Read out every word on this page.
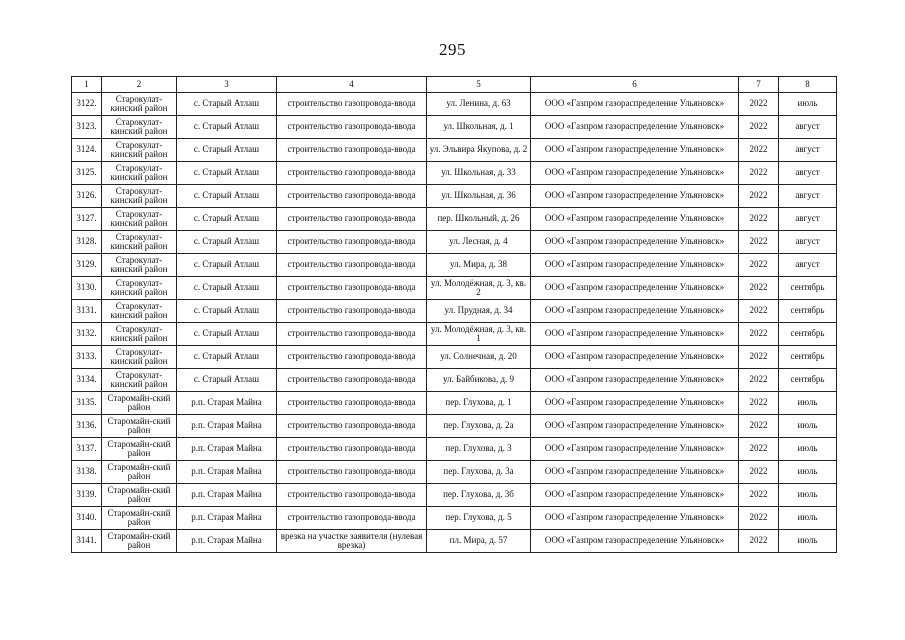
295
1	2	3	4	5	6	7	8
3122.	Старокулат-кинский район	с. Старый Атлаш	строительство газопровода-ввода	ул. Ленина, д. 63	ООО «Газпром газораспределение Ульяновск»	2022	июль
3123.	Старокулат-кинский район	с. Старый Атлаш	строительство газопровода-ввода	ул. Школьная, д. 1	ООО «Газпром газораспределение Ульяновск»	2022	август
3124.	Старокулат-кинский район	с. Старый Атлаш	строительство газопровода-ввода	ул. Эльвира Якупова, д. 2	ООО «Газпром газораспределение Ульяновск»	2022	август
3125.	Старокулат-кинский район	с. Старый Атлаш	строительство газопровода-ввода	ул. Школьная, д. 33	ООО «Газпром газораспределение Ульяновск»	2022	август
3126.	Старокулат-кинский район	с. Старый Атлаш	строительство газопровода-ввода	ул. Школьная, д. 36	ООО «Газпром газораспределение Ульяновск»	2022	август
3127.	Старокулат-кинский район	с. Старый Атлаш	строительство газопровода-ввода	пер. Школьный, д. 26	ООО «Газпром газораспределение Ульяновск»	2022	август
3128.	Старокулат-кинский район	с. Старый Атлаш	строительство газопровода-ввода	ул. Лесная, д. 4	ООО «Газпром газораспределение Ульяновск»	2022	август
3129.	Старокулат-кинский район	с. Старый Атлаш	строительство газопровода-ввода	ул. Мира, д. 38	ООО «Газпром газораспределение Ульяновск»	2022	август
3130.	Старокулат-кинский район	с. Старый Атлаш	строительство газопровода-ввода	ул. Молодёжная, д. 3, кв. 2	ООО «Газпром газораспределение Ульяновск»	2022	сентябрь
3131.	Старокулат-кинский район	с. Старый Атлаш	строительство газопровода-ввода	ул. Прудная, д. 34	ООО «Газпром газораспределение Ульяновск»	2022	сентябрь
3132.	Старокулат-кинский район	с. Старый Атлаш	строительство газопровода-ввода	ул. Молодёжная, д. 3, кв. 1	ООО «Газпром газораспределение Ульяновск»	2022	сентябрь
3133.	Старокулат-кинский район	с. Старый Атлаш	строительство газопровода-ввода	ул. Солнечная, д. 20	ООО «Газпром газораспределение Ульяновск»	2022	сентябрь
3134.	Старокулат-кинский район	с. Старый Атлаш	строительство газопровода-ввода	ул. Байбикова, д. 9	ООО «Газпром газораспределение Ульяновск»	2022	сентябрь
3135.	Старомайн-ский район	р.п. Старая Майна	строительство газопровода-ввода	пер. Глухова, д. 1	ООО «Газпром газораспределение Ульяновск»	2022	июль
3136.	Старомайн-ский район	р.п. Старая Майна	строительство газопровода-ввода	пер. Глухова, д. 2а	ООО «Газпром газораспределение Ульяновск»	2022	июль
3137.	Старомайн-ский район	р.п. Старая Майна	строительство газопровода-ввода	пер. Глухова, д. 3	ООО «Газпром газораспределение Ульяновск»	2022	июль
3138.	Старомайн-ский район	р.п. Старая Майна	строительство газопровода-ввода	пер. Глухова, д. 3а	ООО «Газпром газораспределение Ульяновск»	2022	июль
3139.	Старомайн-ский район	р.п. Старая Майна	строительство газопровода-ввода	пер. Глухова, д. 3б	ООО «Газпром газораспределение Ульяновск»	2022	июль
3140.	Старомайн-ский район	р.п. Старая Майна	строительство газопровода-ввода	пер. Глухова, д. 5	ООО «Газпром газораспределение Ульяновск»	2022	июль
3141.	Старомайн-ский район	р.п. Старая Майна	врезка на участке заявителя (нулевая врезка)	пл. Мира, д. 57	ООО «Газпром газораспределение Ульяновск»	2022	июль
